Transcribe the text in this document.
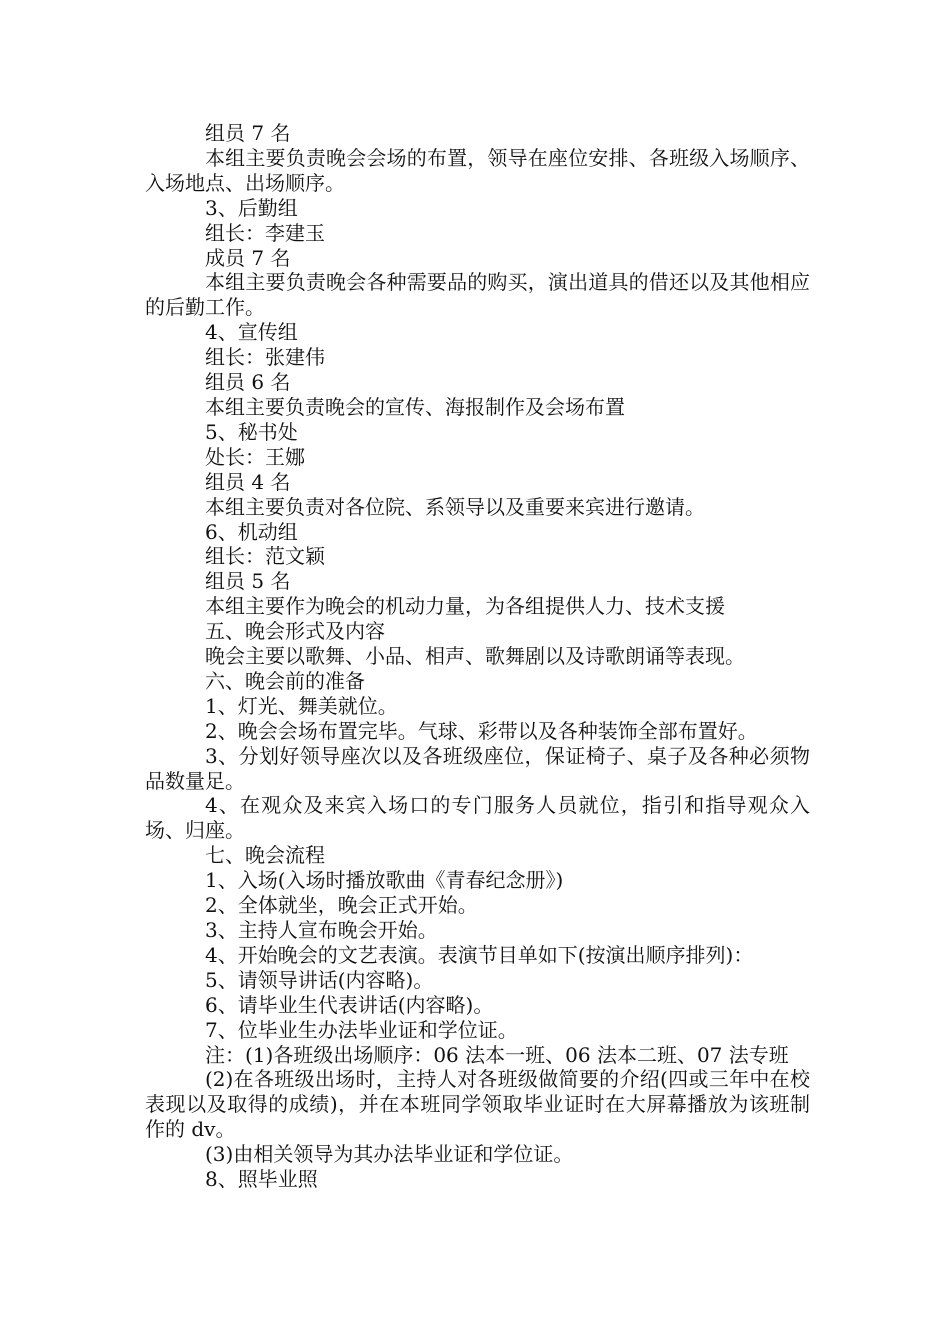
组员 7 名

本组主要负责晚会会场的布置，领导在座位安排、各班级入场顺序、入场地点、出场顺序。

3、后勤组

组长：李建玉

成员 7 名

本组主要负责晚会各种需要品的购买，演出道具的借还以及其他相应的后勤工作。

4、宣传组

组长：张建伟

组员 6 名

本组主要负责晚会的宣传、海报制作及会场布置

5、秘书处

处长：王娜

组员 4 名

本组主要负责对各位院、系领导以及重要来宾进行邀请。

6、机动组

组长：范文颖

组员 5 名

本组主要作为晚会的机动力量，为各组提供人力、技术支援

五、晚会形式及内容

晚会主要以歌舞、小品、相声、歌舞剧以及诗歌朗诵等表现。

六、晚会前的准备

1、灯光、舞美就位。

2、晚会会场布置完毕。气球、彩带以及各种装饰全部布置好。

3、分划好领导座次以及各班级座位，保证椅子、桌子及各种必须物品数量足。

4、在观众及来宾入场口的专门服务人员就位，指引和指导观众入场、归座。

七、晚会流程

1、入场(入场时播放歌曲《青春纪念册》)

2、全体就坐，晚会正式开始。

3、主持人宣布晚会开始。

4、开始晚会的文艺表演。表演节目单如下(按演出顺序排列)：

5、请领导讲话(内容略)。

6、请毕业生代表讲话(内容略)。

7、位毕业生办法毕业证和学位证。

注：(1)各班级出场顺序：06 法本一班、06 法本二班、07 法专班

(2)在各班级出场时，主持人对各班级做简要的介绍(四或三年中在校表现以及取得的成绩)，并在本班同学领取毕业证时在大屏幕播放为该班制作的 dv。

(3)由相关领导为其办法毕业证和学位证。

8、照毕业照
